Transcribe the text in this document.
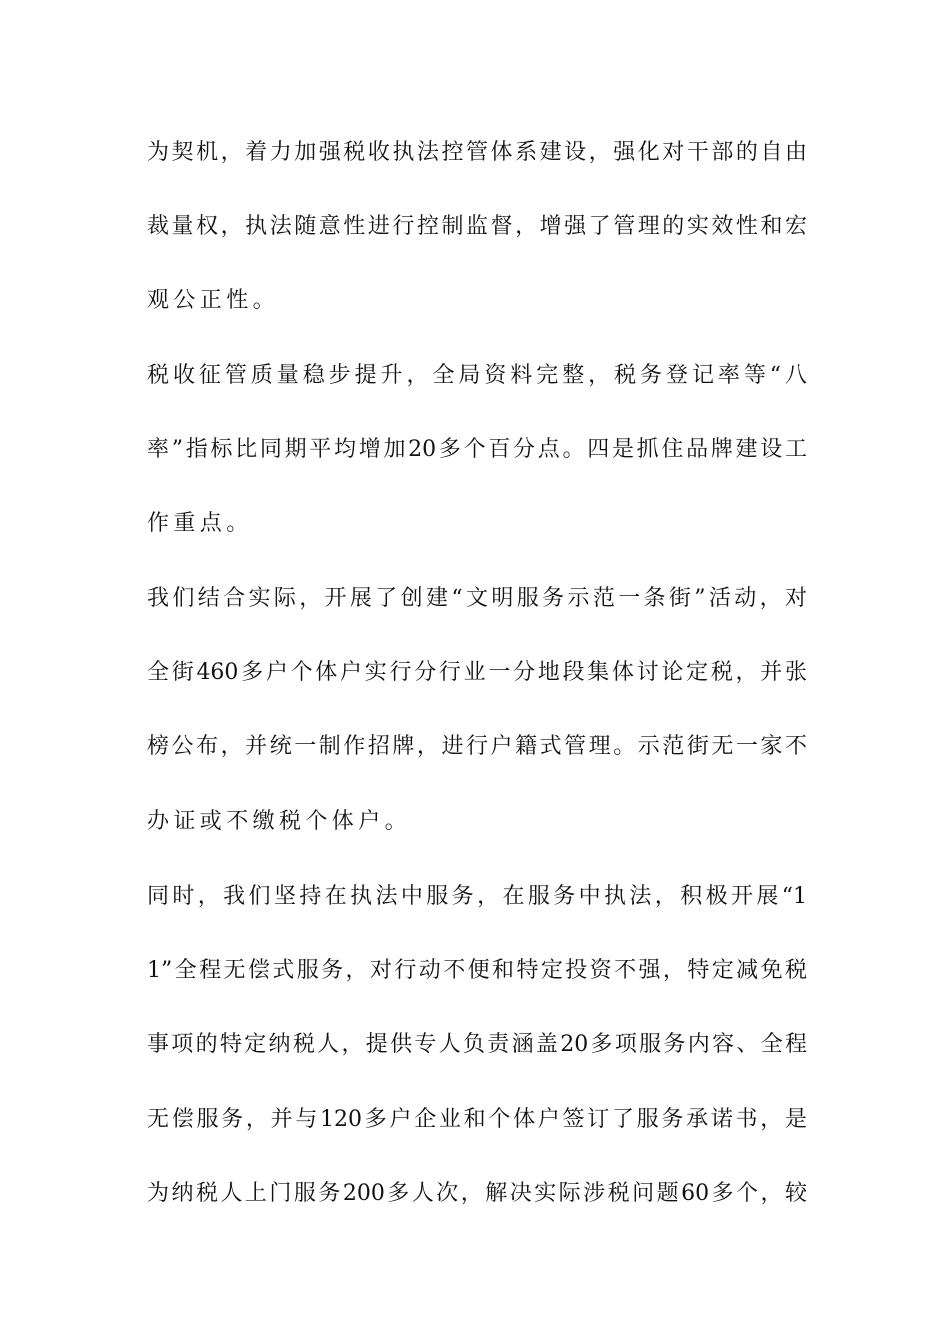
为契机，着力加强税收执法控管体系建设，强化对干部的自由
裁量权，执法随意性进行控制监督，增强了管理的实效性和宏
观公正性。
税收征管质量稳步提升，全局资料完整，税务登记率等“八
率”指标比同期平均增加20多个百分点。四是抓住品牌建设工
作重点。
我们结合实际，开展了创建“文明服务示范一条街”活动，对
全街460多户个体户实行分行业一分地段集体讨论定税，并张
榜公布，并统一制作招牌，进行户籍式管理。示范街无一家不
办证或不缴税个体户。
同时，我们坚持在执法中服务，在服务中执法，积极开展“1
1”全程无偿式服务，对行动不便和特定投资不强，特定减免税
事项的特定纳税人，提供专人负责涵盖20多项服务内容、全程
无偿服务，并与120多户企业和个体户签订了服务承诺书，是
为纳税人上门服务200多人次，解决实际涉税问题60多个，较
